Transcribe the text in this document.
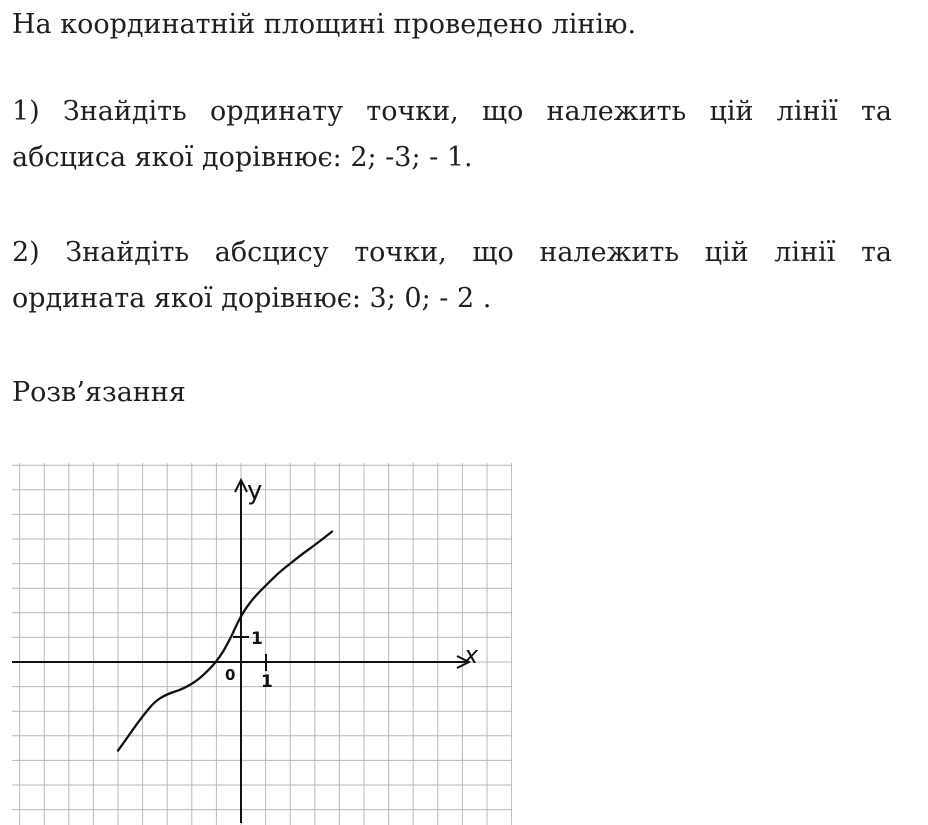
На координатній площині проведено лінію.

1) Знайдіть ординату точки, що належить цій лінії та абсциса якої дорівнює: 2; -3; - 1.

2) Знайдіть абсцису точки, що належить цій лінії та ордината якої дорівнює: 3; 0; - 2 .

Розв’язання

y
x
0 1
1
